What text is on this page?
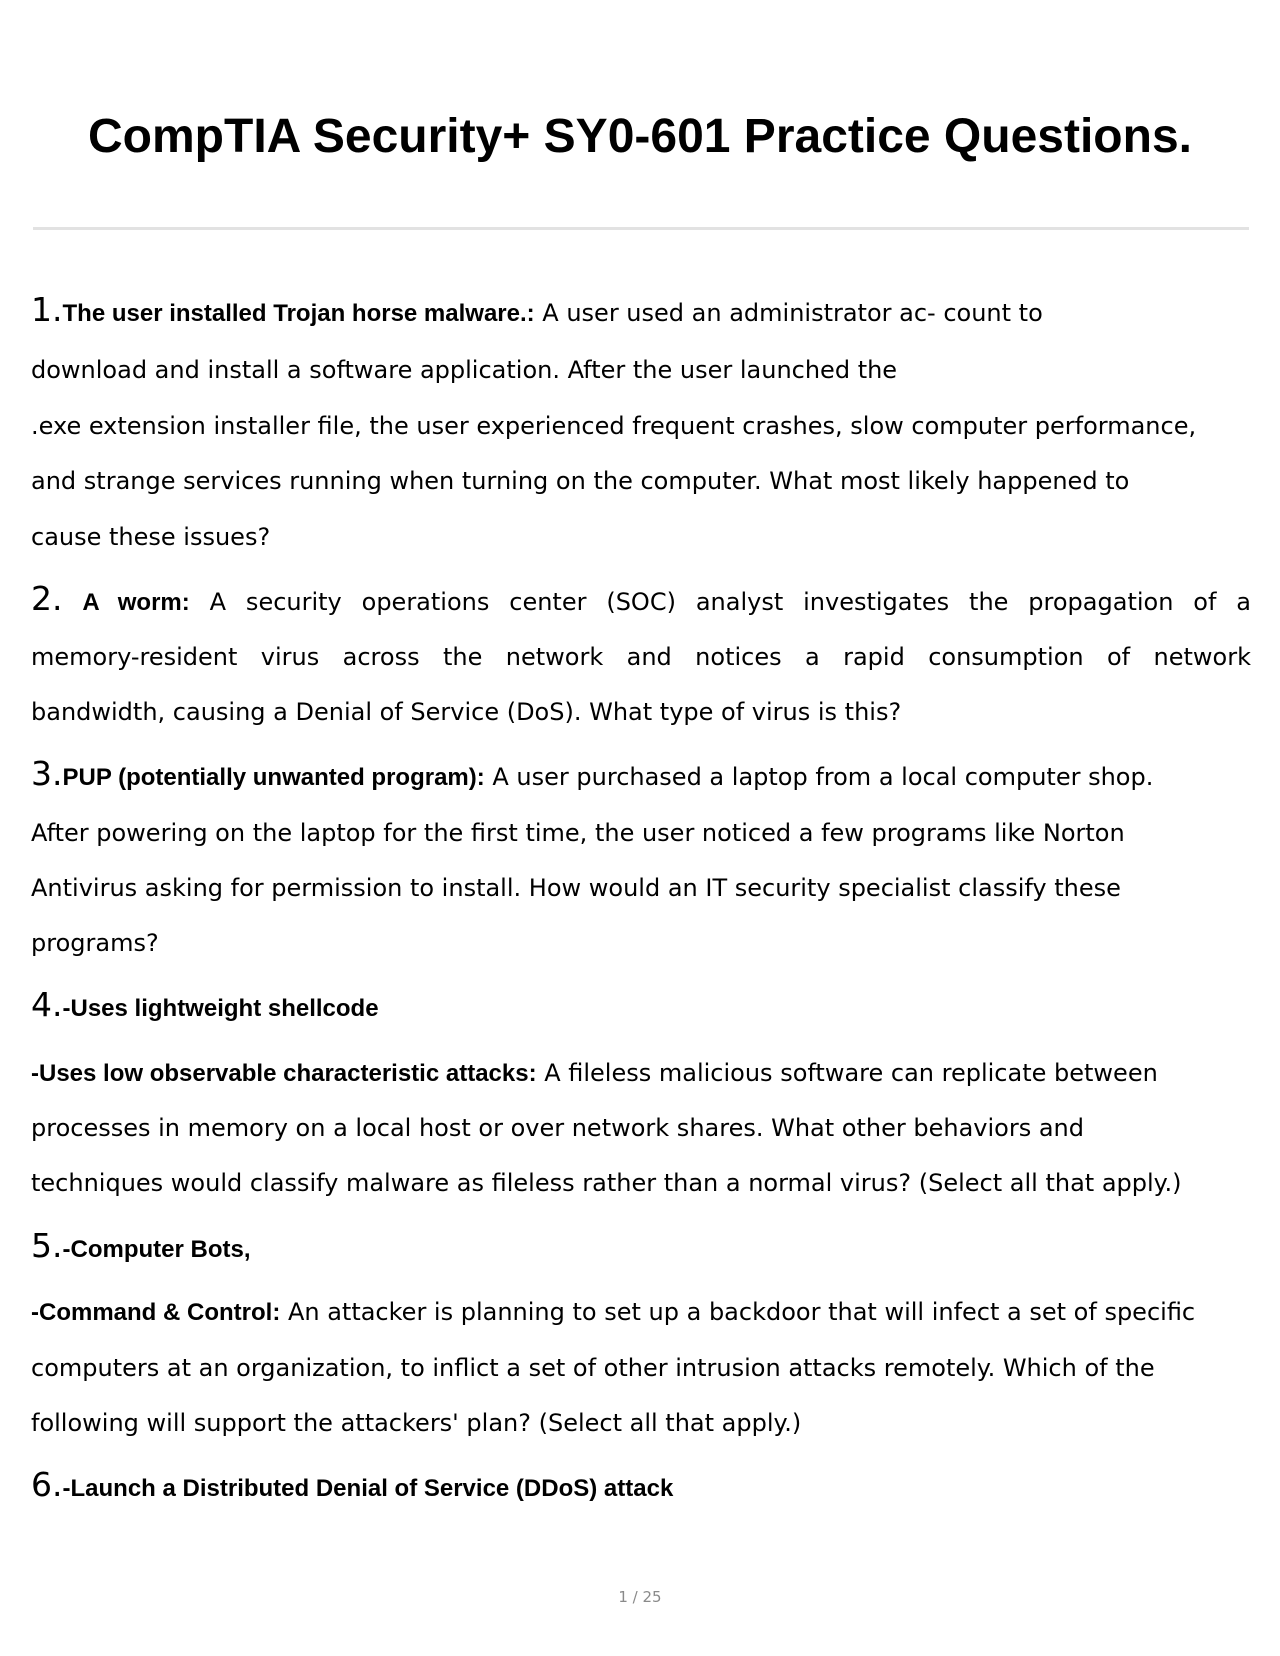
CompTIA Security+ SY0-601 Practice Questions.
1.The user installed Trojan horse malware.: A user used an administrator ac- count to
download and install a software application. After the user launched the
.exe extension installer file, the user experienced frequent crashes, slow computer performance,
and strange services running when turning on the computer. What most likely happened to
cause these issues?
2. A worm: A security operations center (SOC) analyst investigates the propagation of a
memory-resident virus across the network and notices a rapid consumption of network
bandwidth, causing a Denial of Service (DoS). What type of virus is this?
3.PUP (potentially unwanted program): A user purchased a laptop from a local computer shop.
After powering on the laptop for the first time, the user noticed a few programs like Norton
Antivirus asking for permission to install. How would an IT security specialist classify these
programs?
4.-Uses lightweight shellcode
-Uses low observable characteristic attacks: A fileless malicious software can replicate between
processes in memory on a local host or over network shares. What other behaviors and
techniques would classify malware as fileless rather than a normal virus? (Select all that apply.)
5.-Computer Bots,
-Command & Control: An attacker is planning to set up a backdoor that will infect a set of specific
computers at an organization, to inflict a set of other intrusion attacks remotely. Which of the
following will support the attackers' plan? (Select all that apply.)
6.-Launch a Distributed Denial of Service (DDoS) attack
1 / 25
